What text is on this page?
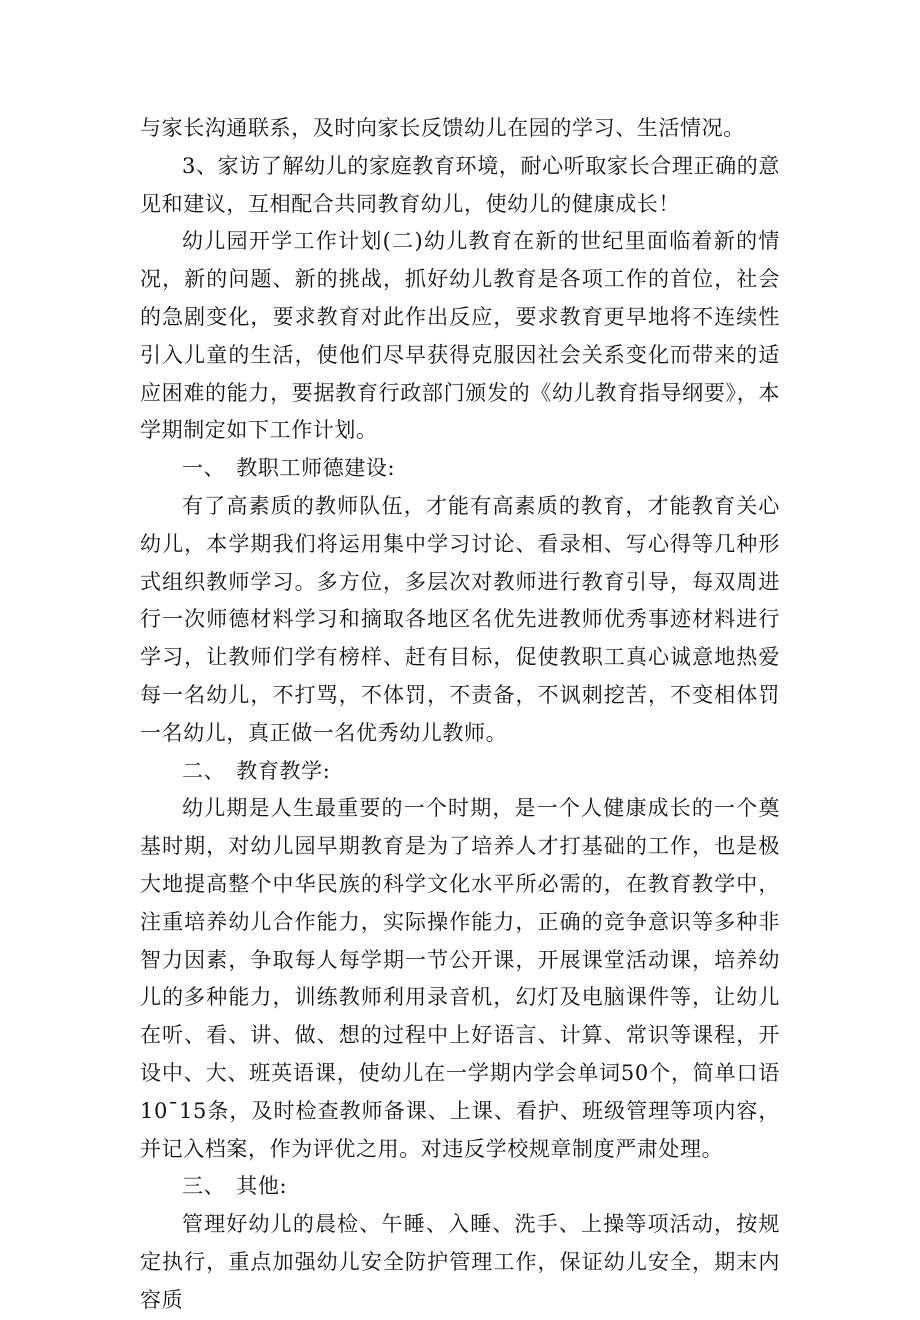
与家长沟通联系，及时向家长反馈幼儿在园的学习、生活情况。

3、家访了解幼儿的家庭教育环境，耐心听取家长合理正确的意见和建议，互相配合共同教育幼儿，使幼儿的健康成长！

幼儿园开学工作计划(二)幼儿教育在新的世纪里面临着新的情况，新的问题、新的挑战，抓好幼儿教育是各项工作的首位，社会的急剧变化，要求教育对此作出反应，要求教育更早地将不连续性引入儿童的生活，使他们尽早获得克服因社会关系变化而带来的适应困难的能力，要据教育行政部门颁发的《幼儿教育指导纲要》，本学期制定如下工作计划。

一、　教职工师德建设:

有了高素质的教师队伍，才能有高素质的教育，才能教育关心幼儿，本学期我们将运用集中学习讨论、看录相、写心得等几种形式组织教师学习。多方位，多层次对教师进行教育引导，每双周进行一次师德材料学习和摘取各地区名优先进教师优秀事迹材料进行学习，让教师们学有榜样、赶有目标，促使教职工真心诚意地热爱每一名幼儿，不打骂，不体罚，不责备，不讽刺挖苦，不变相体罚一名幼儿，真正做一名优秀幼儿教师。

二、　教育教学:

幼儿期是人生最重要的一个时期，是一个人健康成长的一个奠基时期，对幼儿园早期教育是为了培养人才打基础的工作，也是极大地提高整个中华民族的科学文化水平所必需的，在教育教学中，注重培养幼儿合作能力，实际操作能力，正确的竞争意识等多种非智力因素，争取每人每学期一节公开课，开展课堂活动课，培养幼儿的多种能力，训练教师利用录音机，幻灯及电脑课件等，让幼儿在听、看、讲、做、想的过程中上好语言、计算、常识等课程，开设中、大、班英语课，使幼儿在一学期内学会单词50个，简单口语10¯15条，及时检查教师备课、上课、看护、班级管理等项内容，并记入档案，作为评优之用。对违反学校规章制度严肃处理。

三、　其他:

管理好幼儿的晨检、午睡、入睡、洗手、上操等项活动，按规定执行，重点加强幼儿安全防护管理工作，保证幼儿安全，期末内容质
